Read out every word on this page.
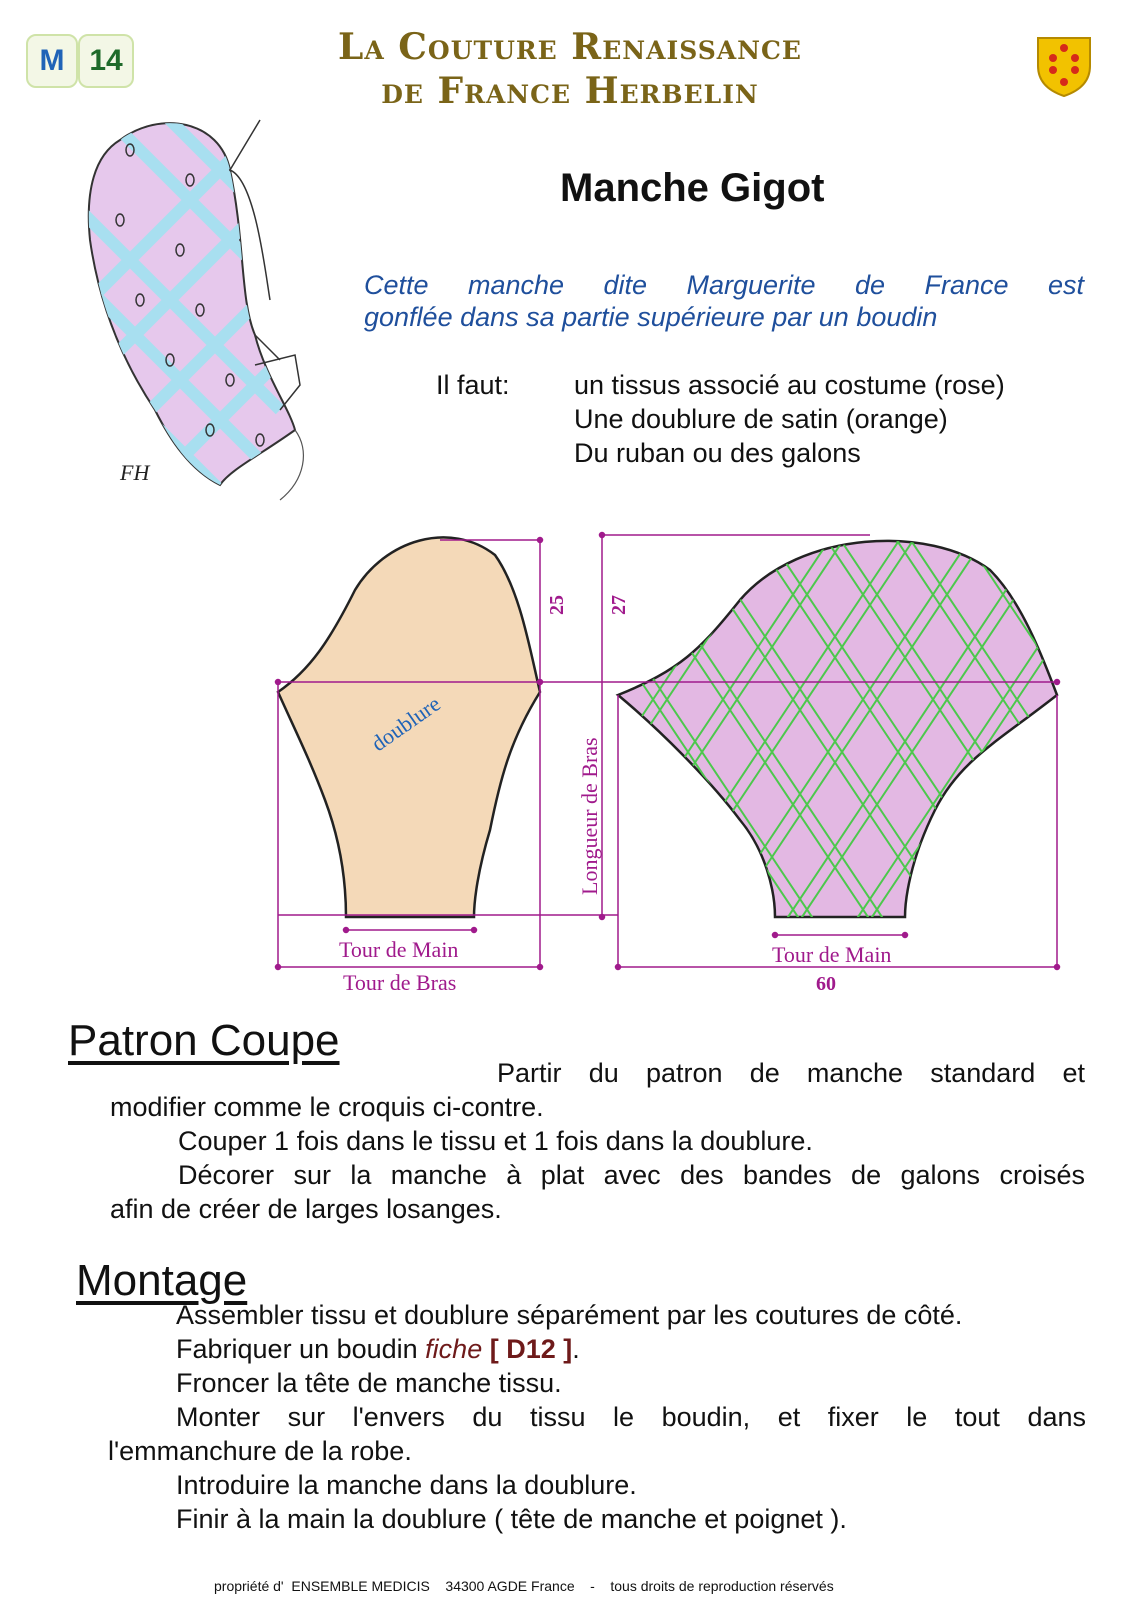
M 14	La Couture Renaissance
de France Herbelin
FH
Manche Gigot
Cette manche dite Marguerite de France est
gonflée dans sa partie supérieure par un boudin
Il faut: un tissus associé au costume (rose)
Une doublure de satin (orange)
Du ruban ou des galons
doublure
25 27
Longueur de Bras
Tour de Main
Tour de Bras
Tour de Main
60
Patron Coupe
Partir du patron de manche standard et
modifier comme le croquis ci-contre.
Couper 1 fois dans le tissu et 1 fois dans la doublure.
Décorer sur la manche à plat avec des bandes de galons croisés
afin de créer de larges losanges.
Montage
Assembler tissu et doublure séparément par les coutures de côté.
Fabriquer un boudin fiche [ D12 ].
Froncer la tête de manche tissu.
Monter sur l'envers du tissu le boudin, et fixer le tout dans
l'emmanchure de la robe.
Introduire la manche dans la doublure.
Finir à la main la doublure ( tête de manche et poignet ).
propriété d'  ENSEMBLE MEDICIS    34300 AGDE France    -    tous droits de reproduction réservés
